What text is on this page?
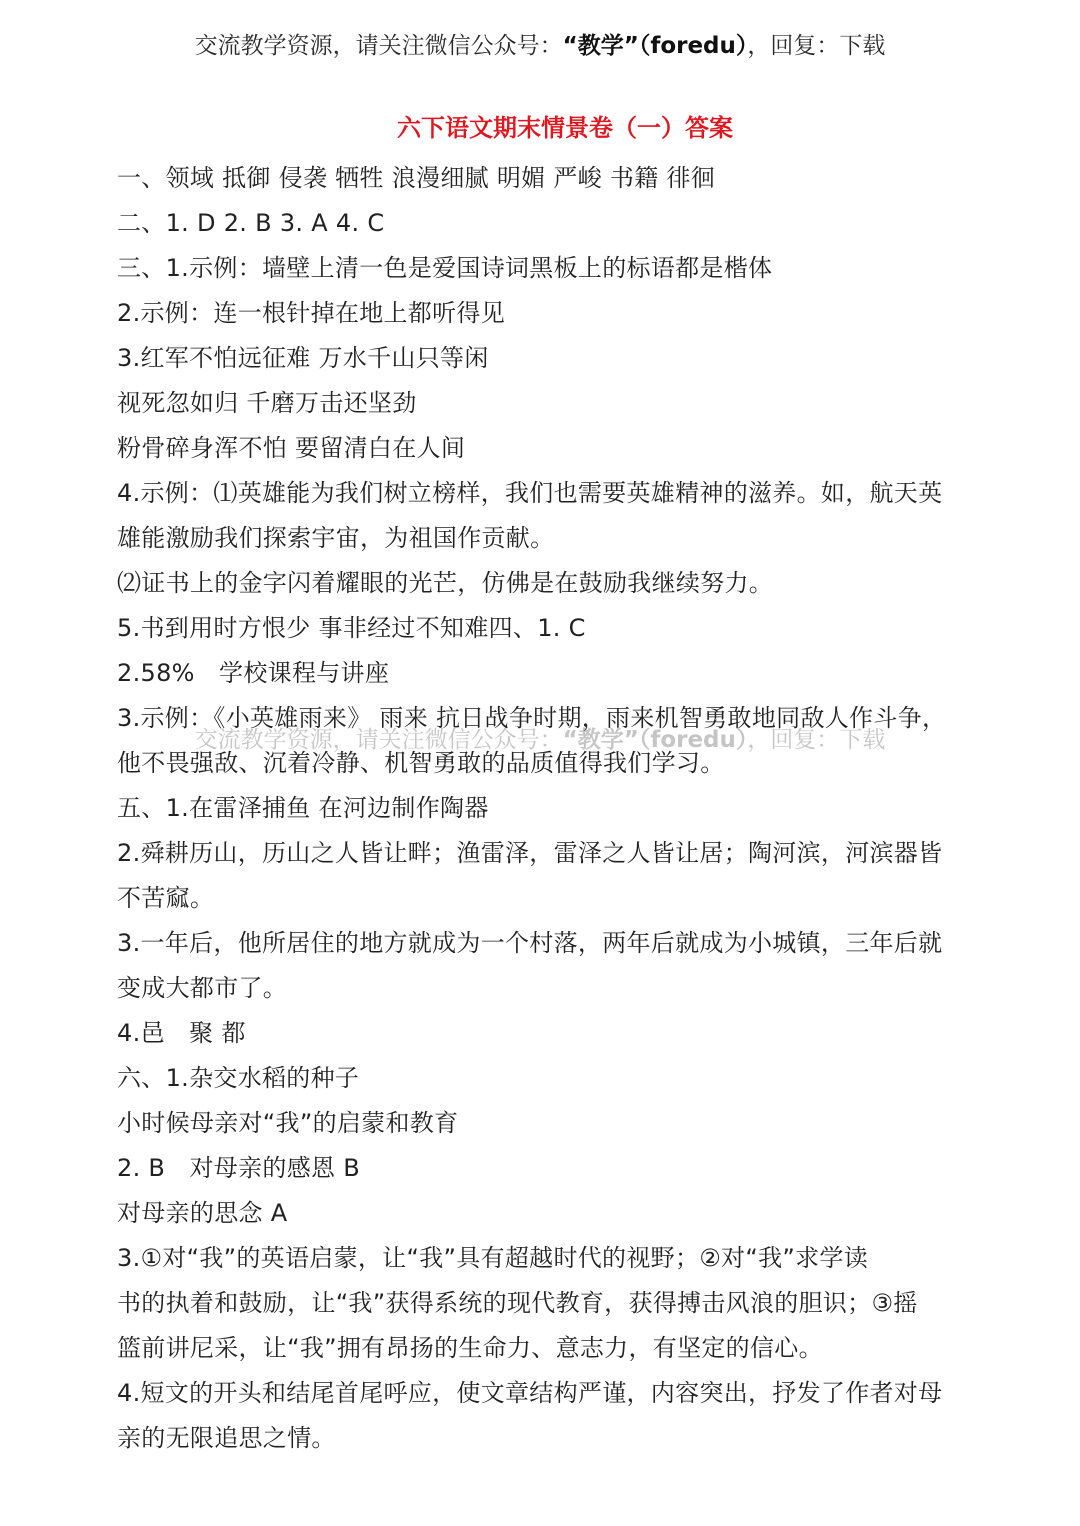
交流教学资源，请关注微信公众号：“教学”（foredu），回复：下载
六下语文期末情景卷（一）答案
一、领域 抵御 侵袭 牺牲 浪漫细腻 明媚 严峻 书籍 徘徊
二、1. D 2. B 3. A 4. C
三、1.示例：墙壁上清一色是爱国诗词黑板上的标语都是楷体
2.示例：连一根针掉在地上都听得见
3.红军不怕远征难 万水千山只等闲
视死忽如归 千磨万击还坚劲
粉骨碎身浑不怕 要留清白在人间
4.示例：⑴英雄能为我们树立榜样，我们也需要英雄精神的滋养。如，航天英
雄能激励我们探索宇宙，为祖国作贡献。
⑵证书上的金字闪着耀眼的光芒，仿佛是在鼓励我继续努力。
5.书到用时方恨少 事非经过不知难四、1. C
2.58%　学校课程与讲座
3.示例：《小英雄雨来》 雨来 抗日战争时期，雨来机智勇敢地同敌人作斗争，
他不畏强敌、沉着冷静、机智勇敢的品质值得我们学习。
五、1.在雷泽捕鱼 在河边制作陶器
2.舜耕历山，历山之人皆让畔；渔雷泽，雷泽之人皆让居；陶河滨，河滨器皆
不苦窳。
3.一年后，他所居住的地方就成为一个村落，两年后就成为小城镇，三年后就
变成大都市了。
4.邑　聚 都
六、1.杂交水稻的种子
小时候母亲对“我”的启蒙和教育
2. B　对母亲的感恩 B
对母亲的思念 A
3.①对“我”的英语启蒙，让“我”具有超越时代的视野；②对“我”求学读
书的执着和鼓励，让“我”获得系统的现代教育，获得搏击风浪的胆识；③摇
篮前讲尼采，让“我”拥有昂扬的生命力、意志力，有坚定的信心。
4.短文的开头和结尾首尾呼应，使文章结构严谨，内容突出，抒发了作者对母
亲的无限追思之情。
交流教学资源，请关注微信公众号：“教学”（foredu），回复：下载
